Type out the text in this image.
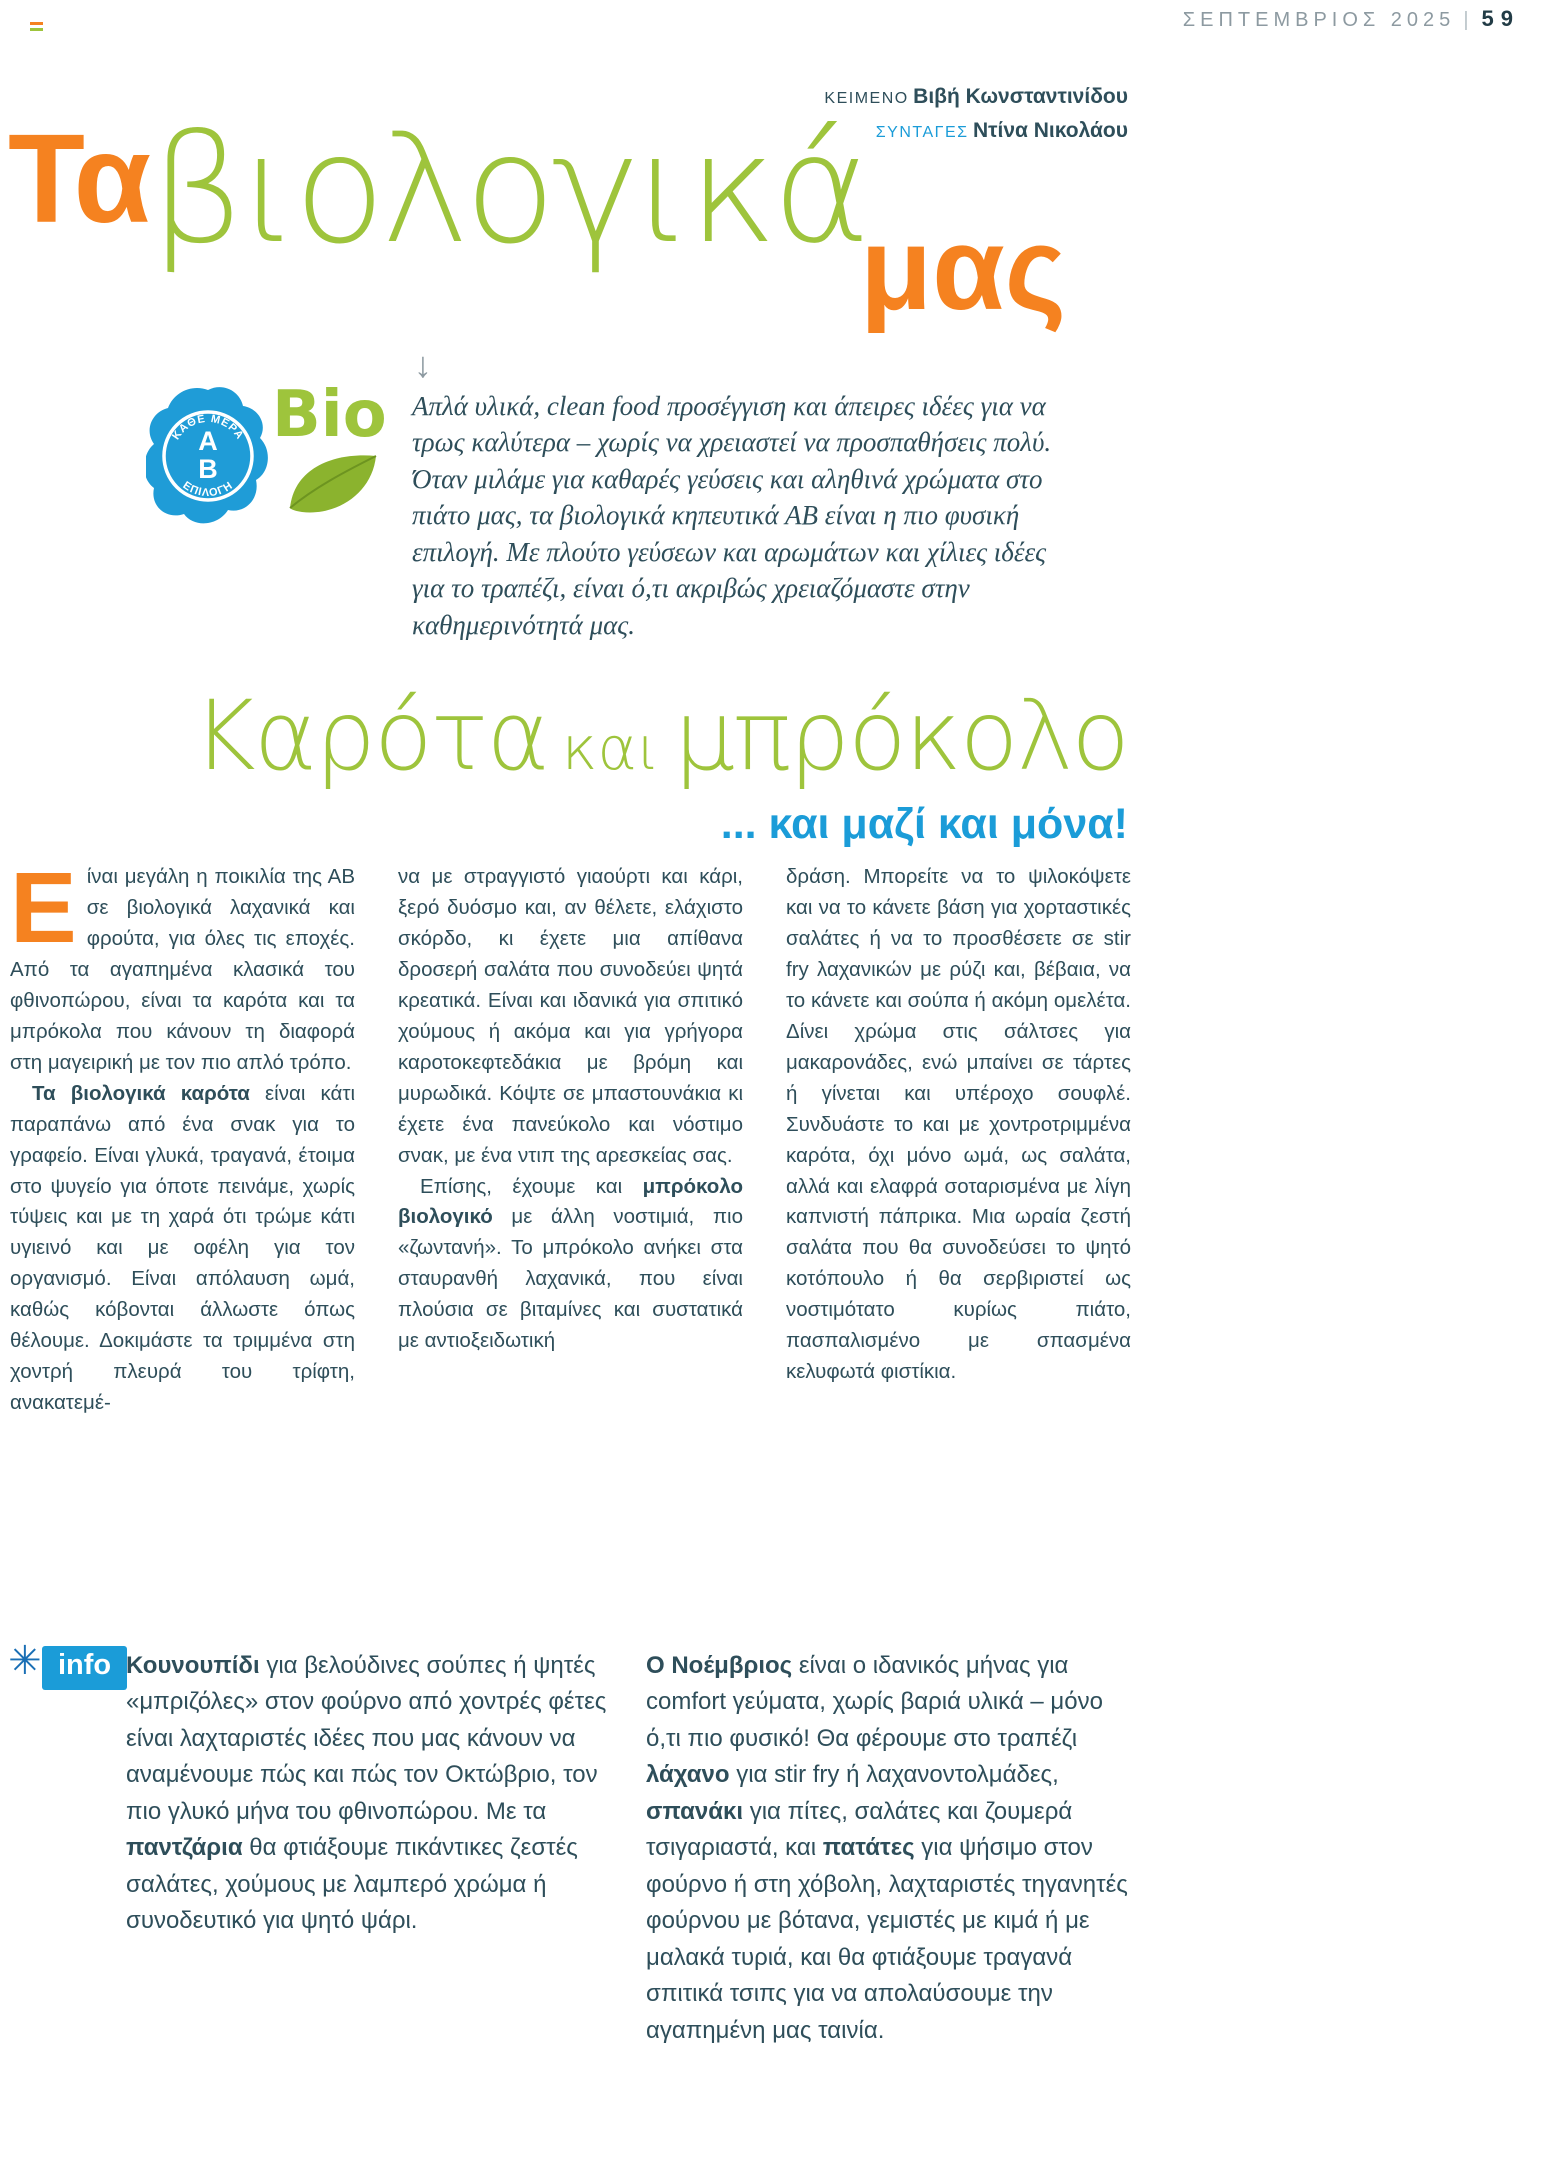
ΣΕΠΤΕΜΒΡΙΟΣ 2025 | 59
ΚΕΙΜΕΝΟ Βιβή Κωνσταντινίδου
ΣΥΝΤΑΓΕΣ Ντίνα Νικολάου
Τα βιολογικά
μας
ΚΑΘΕ ΜΕΡΑ
ΕΠΙΛΟΓΗ
Α
Β
Bio
↓
Απλά υλικά, clean food προσέγγιση και άπειρες ιδέες για να τρως καλύτερα – χωρίς να χρειαστεί να προσπαθήσεις πολύ. Όταν μιλάμε για καθαρές γεύσεις και αληθινά χρώματα στο πιάτο μας, τα βιολογικά κηπευτικά ΑΒ είναι η πιο φυσική επιλογή. Με πλούτο γεύσεων και αρωμάτων και χίλιες ιδέες για το τραπέζι, είναι ό,τι ακριβώς χρειαζόμαστε στην καθημερινότητά μας.
Καρότα και μπρόκολο
... και μαζί και μόνα!

Είναι μεγάλη η ποικιλία της ΑΒ σε βιολογικά λαχανικά και φρούτα, για όλες τις εποχές. Από τα αγαπημένα κλασικά του φθινοπώρου, είναι τα καρότα και τα μπρόκολα που κάνουν τη διαφορά στη μαγειρική με τον πιο απλό τρόπο.

Τα βιολογικά καρότα είναι κάτι παραπάνω από ένα σνακ για το γραφείο. Είναι γλυκά, τραγανά, έτοιμα στο ψυγείο για όποτε πεινάμε, χωρίς τύψεις και με τη χαρά ότι τρώμε κάτι υγιεινό και με οφέλη για τον οργανισμό. Είναι απόλαυση ωμά, καθώς κόβονται άλλωστε όπως θέλουμε. Δοκιμάστε τα τριμμένα στη χοντρή πλευρά του τρίφτη, ανακατεμέ-

να με στραγγιστό γιαούρτι και κάρι, ξερό δυόσμο και, αν θέλετε, ελάχιστο σκόρδο, κι έχετε μια απίθανα δροσερή σαλάτα που συνοδεύει ψητά κρεατικά. Είναι και ιδανικά για σπιτικό χούμους ή ακόμα και για γρήγορα καροτοκεφτεδάκια με βρόμη και μυρωδικά. Κόψτε σε μπαστουνάκια κι έχετε ένα πανεύκολο και νόστιμο σνακ, με ένα ντιπ της αρεσκείας σας.

Επίσης, έχουμε και μπρόκολο βιολογικό με άλλη νοστιμιά, πιο «ζωντανή». Το μπρόκολο ανήκει στα σταυρανθή λαχανικά, που είναι πλούσια σε βιταμίνες και συστατικά με αντιοξειδωτική

δράση. Μπορείτε να το ψιλοκόψετε και να το κάνετε βάση για χορταστικές σαλάτες ή να το προσθέσετε σε stir fry λαχανικών με ρύζι και, βέβαια, να το κάνετε και σούπα ή ακόμη ομελέτα. Δίνει χρώμα στις σάλτσες για μακαρονάδες, ενώ μπαίνει σε τάρτες ή γίνεται και υπέροχο σουφλέ. Συνδυάστε το και με χοντροτριμμένα καρότα, όχι μόνο ωμά, ως σαλάτα, αλλά και ελαφρά σοταρισμένα με λίγη καπνιστή πάπρικα. Μια ωραία ζεστή σαλάτα που θα συνοδεύσει το ψητό κοτόπουλο ή θα σερβιριστεί ως νοστιμότατο κυρίως πιάτο, πασπαλισμένο με σπασμένα κελυφωτά φιστίκια.

✳ info Κουνουπίδι για βελούδινες σούπες ή ψητές «μπριζόλες» στον φούρνο από χοντρές φέτες είναι λαχταριστές ιδέες που μας κάνουν να αναμένουμε πώς και πώς τον Οκτώβριο, τον πιο γλυκό μήνα του φθινοπώρου. Με τα παντζάρια θα φτιάξουμε πικάντικες ζεστές σαλάτες, χούμους με λαμπερό χρώμα ή συνοδευτικό για ψητό ψάρι.

Ο Νοέμβριος είναι ο ιδανικός μήνας για comfort γεύματα, χωρίς βαριά υλικά – μόνο ό,τι πιο φυσικό! Θα φέρουμε στο τραπέζι λάχανο για stir fry ή λαχανοντολμάδες, σπανάκι για πίτες, σαλάτες και ζουμερά τσιγαριαστά, και πατάτες για ψήσιμο στον φούρνο ή στη χόβολη, λαχταριστές τηγανητές φούρνου με βότανα, γεμιστές με κιμά ή με μαλακά τυριά, και θα φτιάξουμε τραγανά σπιτικά τσιπς για να απολαύσουμε την αγαπημένη μας ταινία.
